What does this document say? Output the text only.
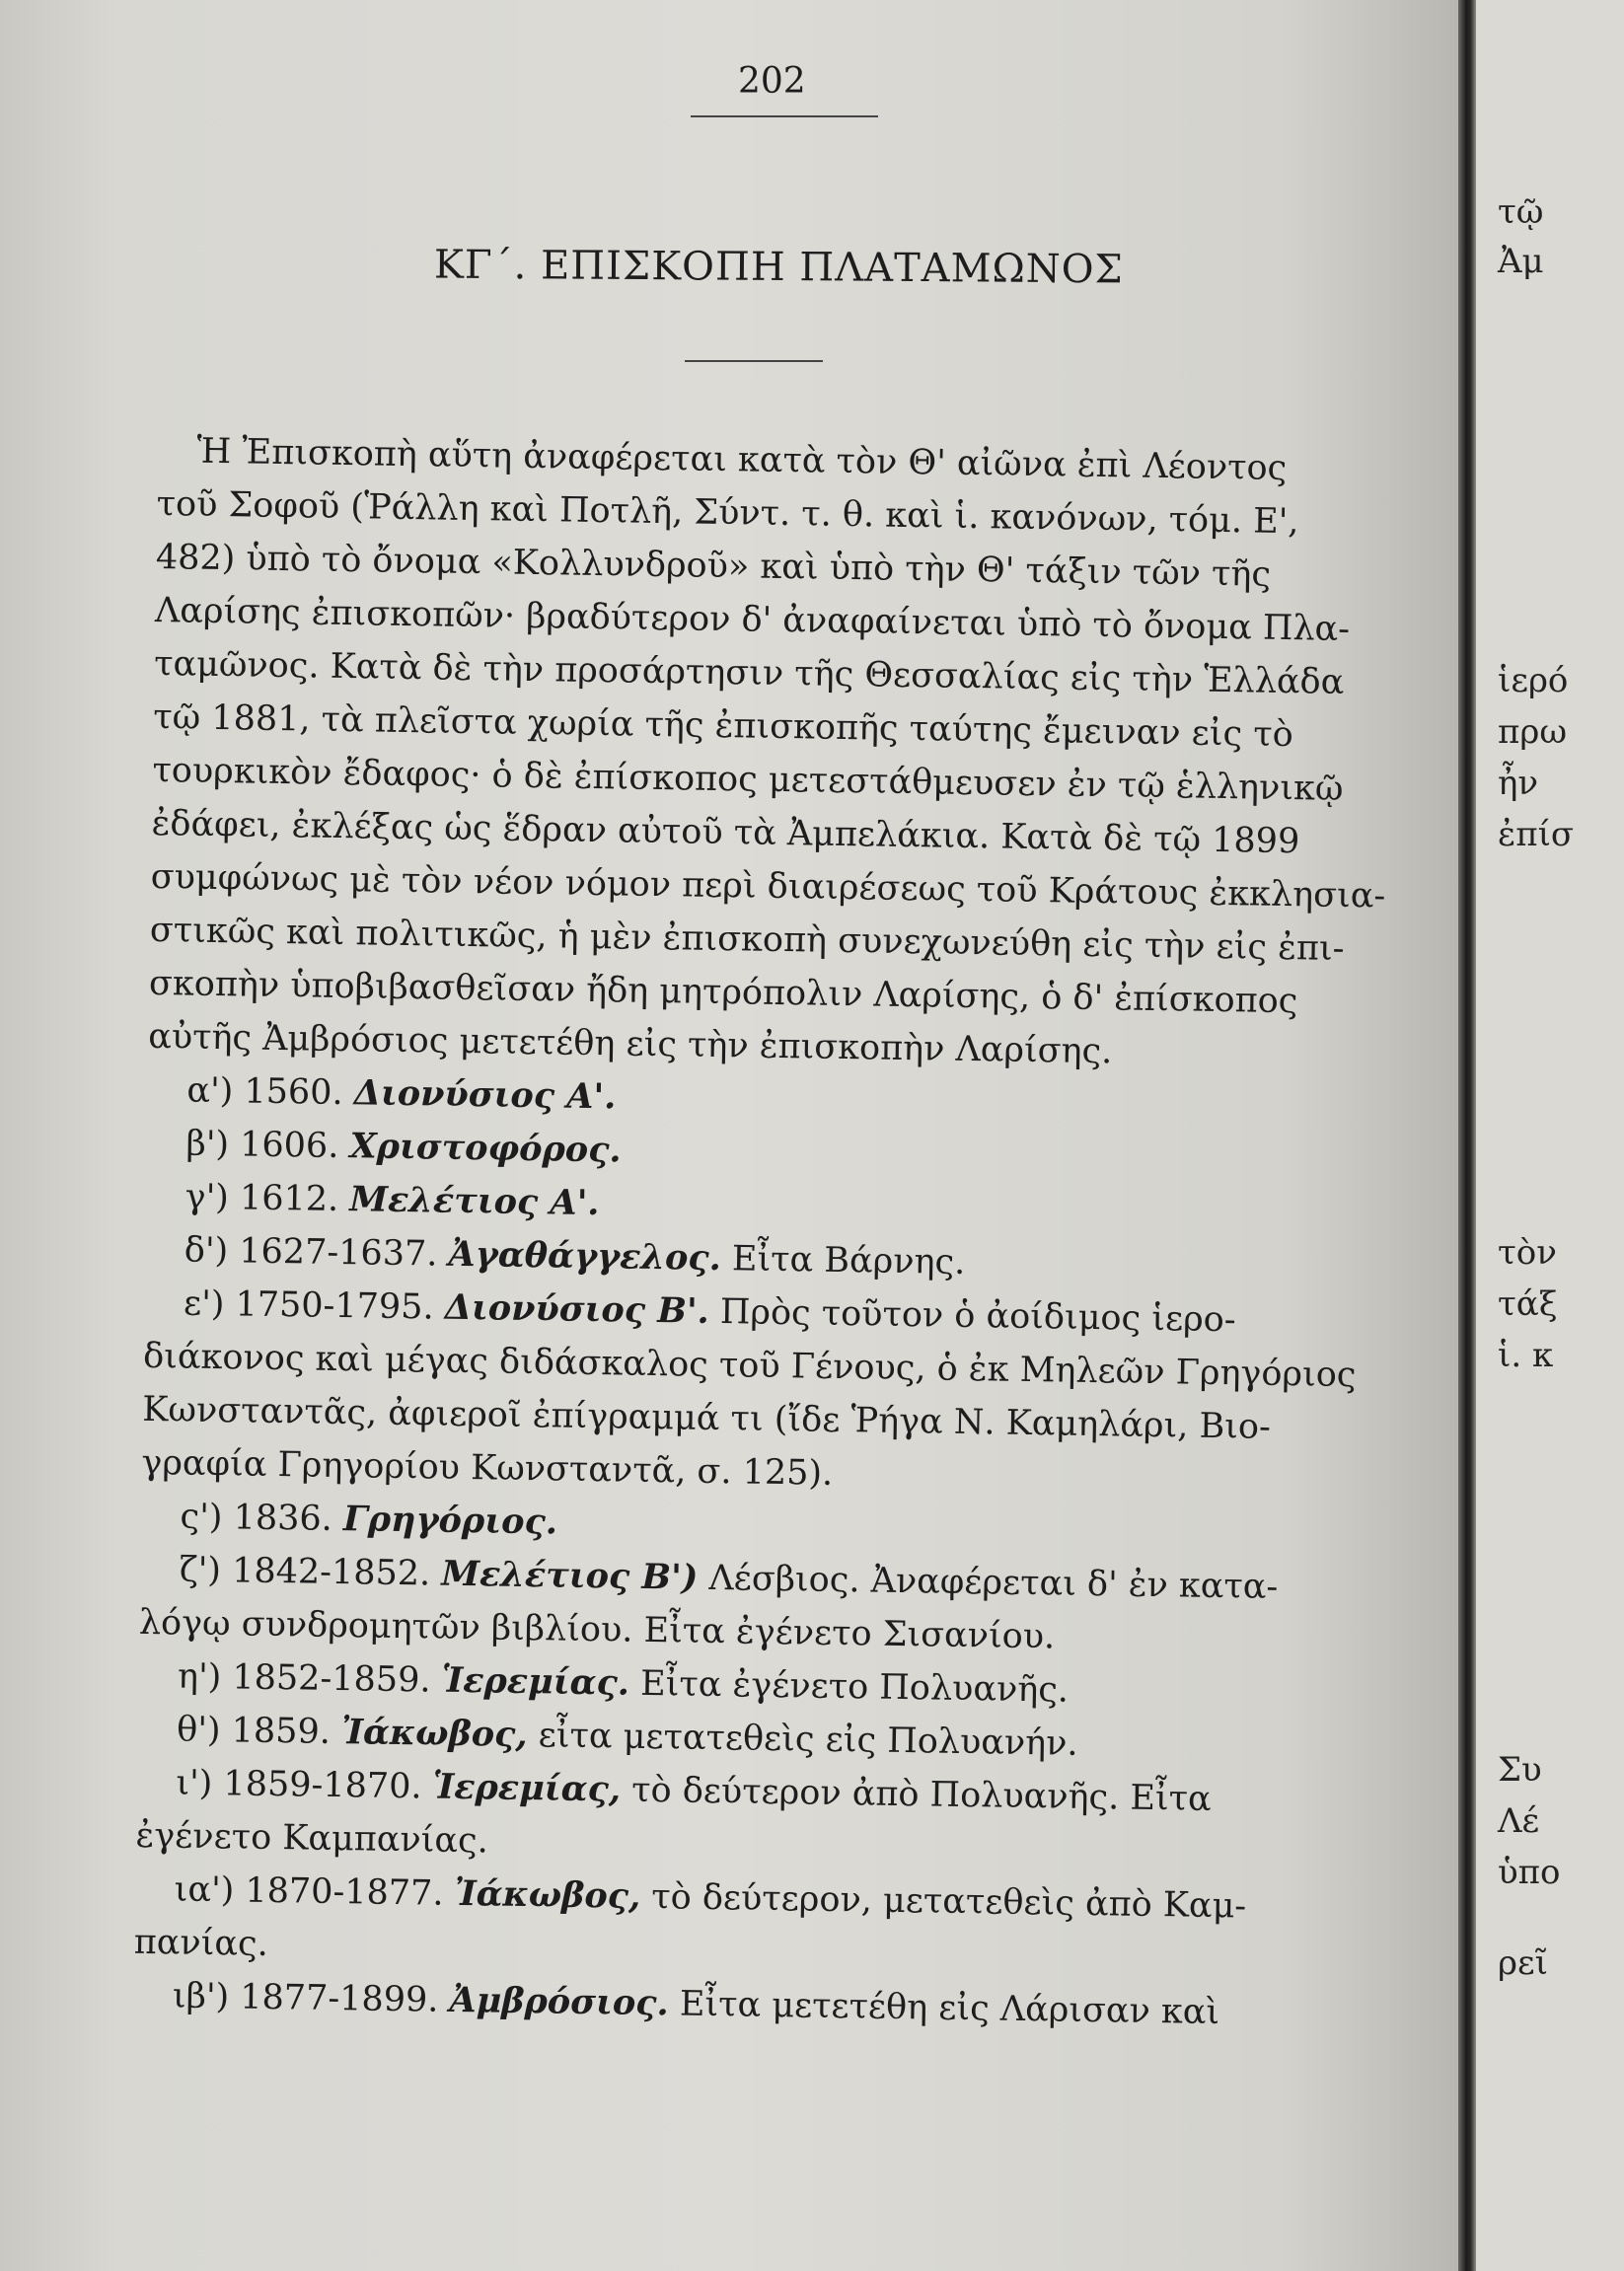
202
ΚΓ΄. ΕΠΙΣΚΟΠΗ ΠΛΑΤΑΜΩΝΟΣ
Ἡ Ἐπισκοπὴ αὕτη ἀναφέρεται κατὰ τὸν Θ' αἰῶνα ἐπὶ Λέοντος
τοῦ Σοφοῦ (Ῥάλλη καὶ Ποτλῆ, Σύντ. τ. θ. καὶ ἱ. κανόνων, τόμ. Ε',
482) ὑπὸ τὸ ὄνομα «Κολλυνδροῦ» καὶ ὑπὸ τὴν Θ' τάξιν τῶν τῆς
Λαρίσης ἐπισκοπῶν· βραδύτερον δ' ἀναφαίνεται ὑπὸ τὸ ὄνομα Πλα-
ταμῶνος. Κατὰ δὲ τὴν προσάρτησιν τῆς Θεσσαλίας εἰς τὴν Ἑλλάδα
τῷ 1881, τὰ πλεῖστα χωρία τῆς ἐπισκοπῆς ταύτης ἔμειναν εἰς τὸ
τουρκικὸν ἔδαφος· ὁ δὲ ἐπίσκοπος μετεστάθμευσεν ἐν τῷ ἑλληνικῷ
ἐδάφει, ἐκλέξας ὡς ἕδραν αὐτοῦ τὰ Ἀμπελάκια. Κατὰ δὲ τῷ 1899
συμφώνως μὲ τὸν νέον νόμον περὶ διαιρέσεως τοῦ Κράτους ἐκκλησια-
στικῶς καὶ πολιτικῶς, ἡ μὲν ἐπισκοπὴ συνεχωνεύθη εἰς τὴν εἰς ἐπι-
σκοπὴν ὑποβιβασθεῖσαν ἤδη μητρόπολιν Λαρίσης, ὁ δ' ἐπίσκοπος
αὐτῆς Ἀμβρόσιος μετετέθη εἰς τὴν ἐπισκοπὴν Λαρίσης.
α') 1560. Διονύσιος Α'.
β') 1606. Χριστοφόρος.
γ') 1612. Μελέτιος Α'.
δ') 1627-1637. Ἀγαθάγγελος. Εἶτα Βάρνης.
ε') 1750-1795. Διονύσιος Β'. Πρὸς τοῦτον ὁ ἀοίδιμος ἱερο-
διάκονος καὶ μέγας διδάσκαλος τοῦ Γένους, ὁ ἐκ Μηλεῶν Γρηγόριος
Κωνσταντᾶς, ἀφιεροῖ ἐπίγραμμά τι (ἴδε Ῥήγα Ν. Καμηλάρι, Βιο-
γραφία Γρηγορίου Κωνσταντᾶ, σ. 125).
ς') 1836. Γρηγόριος.
ζ') 1842-1852. Μελέτιος Β') Λέσβιος. Ἀναφέρεται δ' ἐν κατα-
λόγῳ συνδρομητῶν βιβλίου. Εἶτα ἐγένετο Σισανίου.
η') 1852-1859. Ἱερεμίας. Εἶτα ἐγένετο Πολυανῆς.
θ') 1859. Ἰάκωβος, εἶτα μετατεθεὶς εἰς Πολυανήν.
ι') 1859-1870. Ἱερεμίας, τὸ δεύτερον ἀπὸ Πολυανῆς. Εἶτα
ἐγένετο Καμπανίας.
ια') 1870-1877. Ἰάκωβος, τὸ δεύτερον, μετατεθεὶς ἀπὸ Καμ-
πανίας.
ιβ') 1877-1899. Ἀμβρόσιος. Εἶτα μετετέθη εἰς Λάρισαν καὶ
τῷ
Ἀμ
ἱερό
πρω
ἦν
ἐπίσ
τὸν
τάξ
ἱ. κ
Συ
Λέ
ὑπο
ρεῖ
